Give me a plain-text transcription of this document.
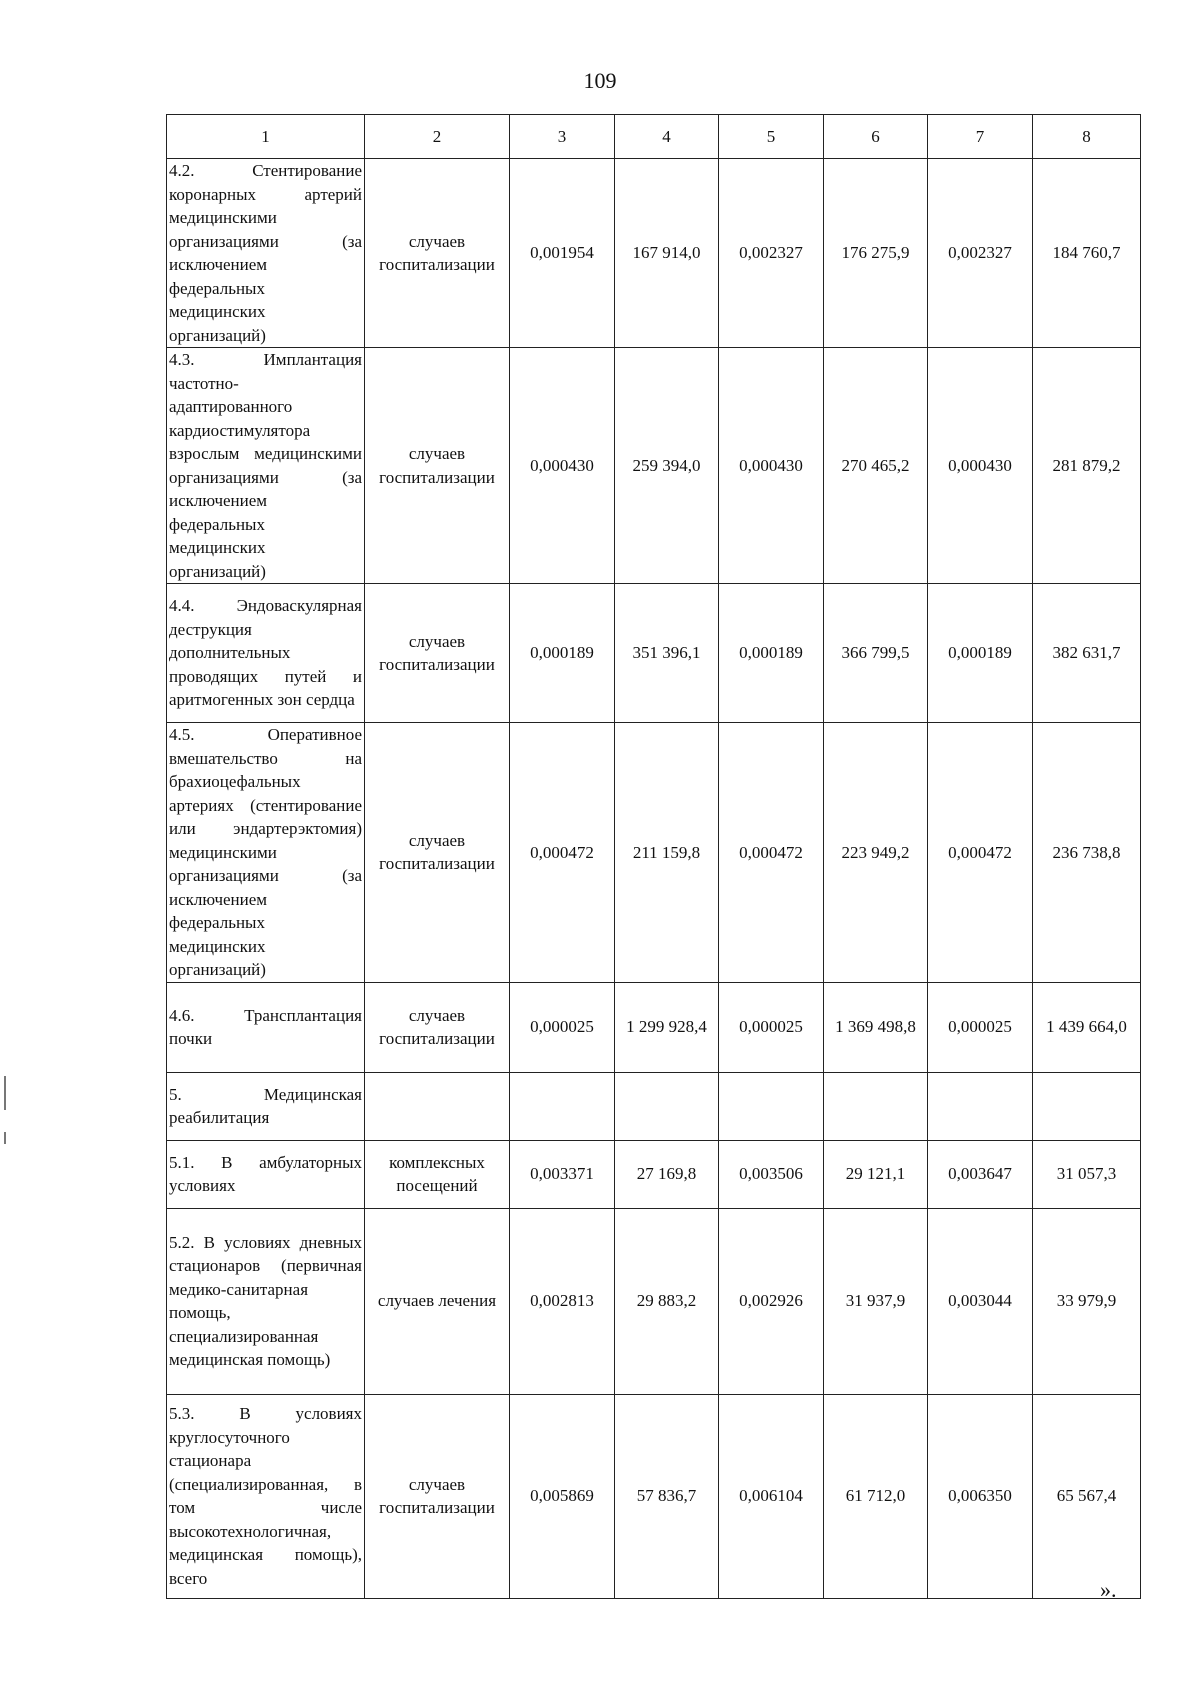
109
1	2	3	4	5	6	7	8
4.2. Стентирование коронарных артерий медицинскими организациями (за исключением федеральных медицинских организаций)	случаев госпитализации	0,001954	167 914,0	0,002327	176 275,9	0,002327	184 760,7
4.3. Имплантация частотно-адаптированного кардиостимулятора взрослым медицинскими организациями (за исключением федеральных медицинских организаций)	случаев госпитализации	0,000430	259 394,0	0,000430	270 465,2	0,000430	281 879,2
4.4. Эндоваскулярная деструкция дополнительных проводящих путей и аритмогенных зон сердца	случаев госпитализации	0,000189	351 396,1	0,000189	366 799,5	0,000189	382 631,7
4.5. Оперативное вмешательство на брахиоцефальных артериях (стентирование или эндартерэктомия) медицинскими организациями (за исключением федеральных медицинских организаций)	случаев госпитализации	0,000472	211 159,8	0,000472	223 949,2	0,000472	236 738,8
4.6. Трансплантация почки	случаев госпитализации	0,000025	1 299 928,4	0,000025	1 369 498,8	0,000025	1 439 664,0
5. Медицинская реабилитация							
5.1. В амбулаторных условиях	комплексных посещений	0,003371	27 169,8	0,003506	29 121,1	0,003647	31 057,3
5.2. В условиях дневных стационаров (первичная медико-санитарная помощь, специализированная медицинская помощь)	случаев лечения	0,002813	29 883,2	0,002926	31 937,9	0,003044	33 979,9
5.3. В условиях круглосуточного стационара (специализированная, в том числе высокотехнологичная, медицинская помощь), всего	случаев госпитализации	0,005869	57 836,7	0,006104	61 712,0	0,006350	65 567,4
».
